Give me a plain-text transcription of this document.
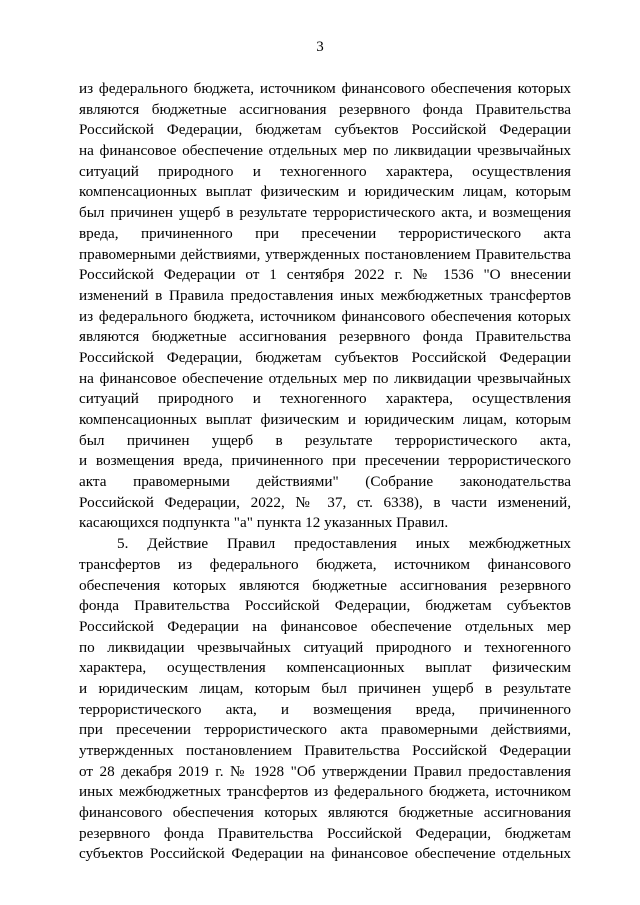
3
из федерального бюджета, источником финансового обеспечения которых
являются бюджетные ассигнования резервного фонда Правительства
Российской Федерации, бюджетам субъектов Российской Федерации
на финансовое обеспечение отдельных мер по ликвидации чрезвычайных
ситуаций природного и техногенного характера, осуществления
компенсационных выплат физическим и юридическим лицам, которым
был причинен ущерб в результате террористического акта, и возмещения
вреда, причиненного при пресечении террористического акта
правомерными действиями, утвержденных постановлением Правительства
Российской Федерации от 1 сентября 2022 г. № 1536 "О внесении
изменений в Правила предоставления иных межбюджетных трансфертов
из федерального бюджета, источником финансового обеспечения которых
являются бюджетные ассигнования резервного фонда Правительства
Российской Федерации, бюджетам субъектов Российской Федерации
на финансовое обеспечение отдельных мер по ликвидации чрезвычайных
ситуаций природного и техногенного характера, осуществления
компенсационных выплат физическим и юридическим лицам, которым
был причинен ущерб в результате террористического акта,
и возмещения вреда, причиненного при пресечении террористического
акта правомерными действиями" (Собрание законодательства
Российской Федерации, 2022, № 37, ст. 6338), в части изменений,
касающихся подпункта "а" пункта 12 указанных Правил.
5. Действие Правил предоставления иных межбюджетных
трансфертов из федерального бюджета, источником финансового
обеспечения которых являются бюджетные ассигнования резервного
фонда Правительства Российской Федерации, бюджетам субъектов
Российской Федерации на финансовое обеспечение отдельных мер
по ликвидации чрезвычайных ситуаций природного и техногенного
характера, осуществления компенсационных выплат физическим
и юридическим лицам, которым был причинен ущерб в результате
террористического акта, и возмещения вреда, причиненного
при пресечении террористического акта правомерными действиями,
утвержденных постановлением Правительства Российской Федерации
от 28 декабря 2019 г. № 1928 "Об утверждении Правил предоставления
иных межбюджетных трансфертов из федерального бюджета, источником
финансового обеспечения которых являются бюджетные ассигнования
резервного фонда Правительства Российской Федерации, бюджетам
субъектов Российской Федерации на финансовое обеспечение отдельных
